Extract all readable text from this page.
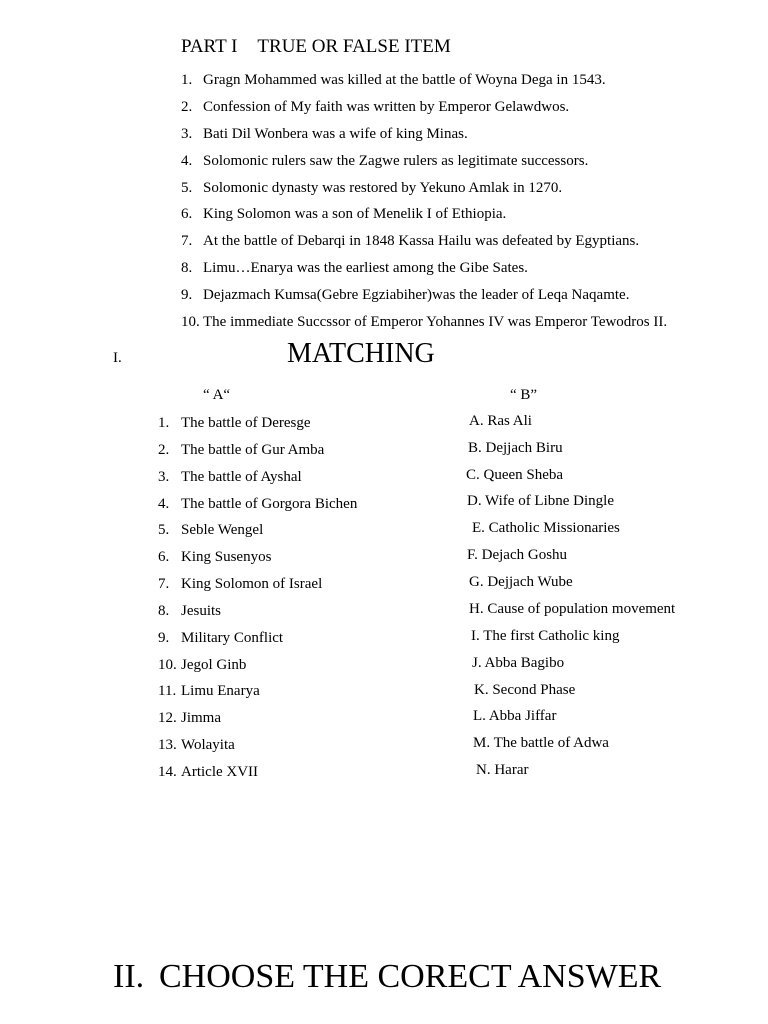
PART I TRUE OR FALSE ITEM
1. Gragn Mohammed was killed at the battle of Woyna Dega in 1543.
2. Confession of My faith was written by Emperor Gelawdwos.
3. Bati Dil Wonbera was a wife of king Minas.
4. Solomonic rulers saw the Zagwe rulers as legitimate successors.
5. Solomonic dynasty was restored by Yekuno Amlak in 1270.
6. King Solomon was a son of Menelik I of Ethiopia.
7. At the battle of Debarqi in 1848 Kassa Hailu was defeated by Egyptians.
8. Limu…Enarya was the earliest among the Gibe Sates.
9. Dejazmach Kumsa(Gebre Egziabiher)was the leader of Leqa Naqamte.
10. The immediate Succssor of Emperor Yohannes IV was Emperor Tewodros II.
I.	MATCHING
“ A“	“ B”
1. The battle of Deresge
2. The battle of Gur Amba
3. The battle of Ayshal
4. The battle of Gorgora Bichen
5. Seble Wengel
6. King Susenyos
7. King Solomon of Israel
8. Jesuits
9. Military Conflict
10. Jegol Ginb
11. Limu Enarya
12. Jimma
13. Wolayita
14. Article XVII
A. Ras Ali
B. Dejjach Biru
C. Queen Sheba
D. Wife of Libne Dingle
E. Catholic Missionaries
F. Dejach Goshu
G. Dejjach Wube
H. Cause of population movement
I. The first Catholic king
J. Abba Bagibo
K. Second Phase
L. Abba Jiffar
M. The battle of Adwa
N. Harar
II. CHOOSE THE CORECT ANSWER
